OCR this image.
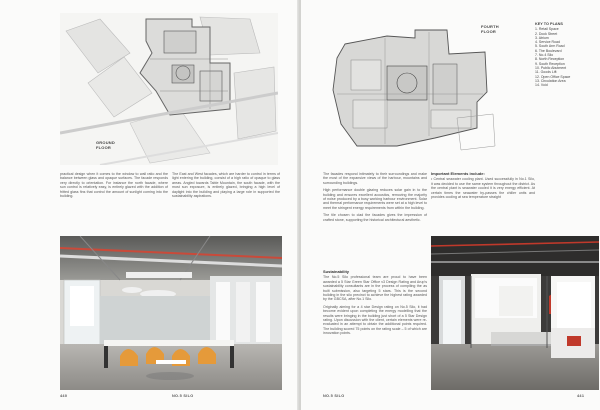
GROUND
FLOOR

practical design when it comes to the window to wall ratio and the balance between glass and opaque surfaces. The facade responds very directly to orientation. For instance the north facade, where sun control is relatively easy, is entirely glazed with the addition of fritted glass fins that control the amount of sunlight coming into the building.

The East and West facades, which are harder to control in terms of light entering the building, consist of a high ratio of opaque to glass areas. Angled towards Table Mountain, the south facade, with the most sun exposure, is entirely glazed, bringing a high level of daylight into the building and playing a large role in supported the sustainability aspirations.

440	NO.5 SILO
FOURTH
FLOOR
KEY TO PLANS
1. Retail Space
2. Dock Street
3. Atrium
4. Service Road
5. South Arm Road
6. The Boulevard
7. No.4 Silo
8. North Reception
9. South Reception
10. Public Abutment
11. Goods Lift
12. Open Office Space
13. Circulation Area
14. Void

The facades respond intimately to their surroundings and make the most of the expansive views of the harbour, mountains and surrounding buildings.

High performance double glazing reduces solar gain in to the building and ensures excellent acoustics, removing the majority of noise produced by a busy working harbour environment. Solar and thermal performance requirements were set at a high level to meet the stringent energy requirements from within the building.

The tile chosen to clad the facades gives the impression of crafted stone, supporting the historical architectural aesthetic.

Important Elements include:

• Central seawater cooling plant. Used successfully in No.1 Silo, it was decided to use the same system throughout the district. As the central plant is seawater cooled it is very energy efficient. At certain times the seawater by-passes the chiller units and provides cooling at sea temperature straight

Sustainability

The No.5 Silo professional team are proud to have been awarded a 5 Star Green Star Office v3 Design Rating and Arup's sustainability consultants are in the process of compiling the as built submission, also targeting 5 stars. This is the second building in the silo precinct to achieve the highest rating awarded by the GBCSA, after No.1 Silo.

Originally aiming for a 4 star Design rating on No.5 Silo, it had become evident upon completing the energy modelling that the results were bringing in the building just short of a 5 Star Design rating. Upon discussion with the client, certain elements were re-evaluated in an attempt to obtain the additional points required. The building scored 75 points on the rating scale – 5 of which are innovation points.

NO.5 SILO	441
